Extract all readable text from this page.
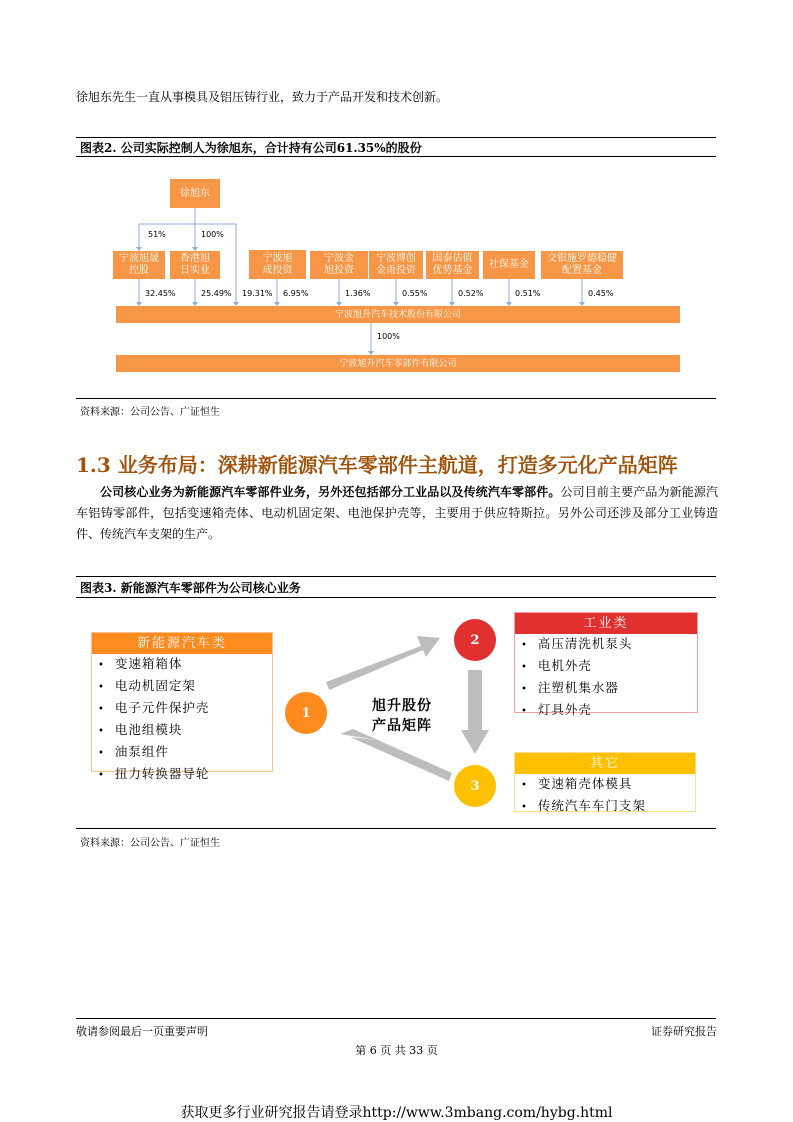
徐旭东先生一直从事模具及铝压铸行业，致力于产品开发和技术创新。
图表2. 公司实际控制人为徐旭东，合计持有公司61.35%的股份
徐旭东
51%	100%
宁波旭晟控股
香港旭日实业
宁波旭成投资
宁波金旭投资
宁波博创金甬投资
国泰估值优势基金
社保基金
交银施罗德稳健配置基金
32.45%	25.49% 19.31% 6.95%	1.36%	0.55%	0.52%	0.51%	0.45%
宁波旭升汽车技术股份有限公司
100%
宁波旭升汽车零部件有限公司
资料来源：公司公告、广证恒生
1.3 业务布局：深耕新能源汽车零部件主航道，打造多元化产品矩阵
公司核心业务为新能源汽车零部件业务，另外还包括部分工业品以及传统汽车零部件。公司目前主要产品为新能源汽车铝铸零部件，包括变速箱壳体、电动机固定架、电池保护壳等，主要用于供应特斯拉。另外公司还涉及部分工业铸造件、传统汽车支架的生产。
图表3. 新能源汽车零部件为公司核心业务
新能源汽车类
• 变速箱箱体
• 电动机固定架
• 电子元件保护壳
• 电池组模块
• 油泵组件
• 扭力转换器导轮
工业类
• 高压清洗机泵头
• 电机外壳
• 注塑机集水器
• 灯具外壳
其它
• 变速箱壳体模具
• 传统汽车车门支架
1
2
3
旭升股份
产品矩阵
资料来源：公司公告、广证恒生
敬请参阅最后一页重要声明	证券研究报告
第 6 页 共 33 页
获取更多行业研究报告请登录http://www.3mbang.com/hybg.html
